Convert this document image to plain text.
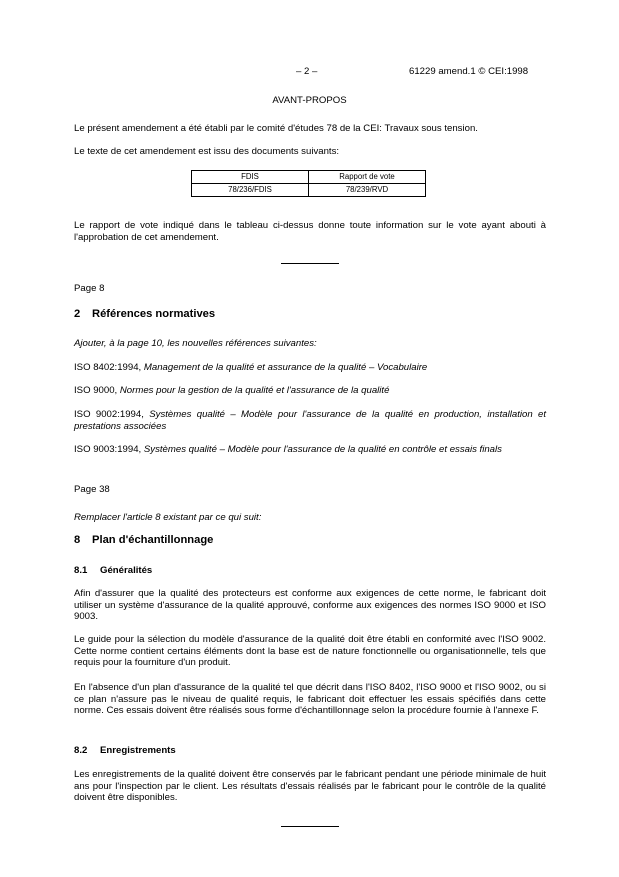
– 2 –	61229 amend.1 © CEI:1998
AVANT-PROPOS

Le présent amendement a été établi par le comité d'études 78 de la CEI: Travaux sous tension.

Le texte de cet amendement est issu des documents suivants:

FDIS	Rapport de vote
78/236/FDIS	78/239/RVD

Le rapport de vote indiqué dans le tableau ci-dessus donne toute information sur le vote ayant abouti à l'approbation de cet amendement.

Page 8
2 Références normatives

Ajouter, à la page 10, les nouvelles références suivantes:

ISO 8402:1994, Management de la qualité et assurance de la qualité – Vocabulaire

ISO 9000, Normes pour la gestion de la qualité et l'assurance de la qualité

ISO 9002:1994, Systèmes qualité – Modèle pour l'assurance de la qualité en production, installation et prestations associées

ISO 9003:1994, Systèmes qualité – Modèle pour l'assurance de la qualité en contrôle et essais finals

Page 38

Remplacer l'article 8 existant par ce qui suit:

8 Plan d'échantillonnage
8.1 Généralités

Afin d'assurer que la qualité des protecteurs est conforme aux exigences de cette norme, le fabricant doit utiliser un système d'assurance de la qualité approuvé, conforme aux exigences des normes ISO 9000 et ISO 9003.

Le guide pour la sélection du modèle d'assurance de la qualité doit être établi en conformité avec l'ISO 9002. Cette norme contient certains éléments dont la base est de nature fonctionnelle ou organisationnelle, tels que requis pour la fourniture d'un produit.

En l'absence d'un plan d'assurance de la qualité tel que décrit dans l'ISO 8402, l'ISO 9000 et l'ISO 9002, ou si ce plan n'assure pas le niveau de qualité requis, le fabricant doit effectuer les essais spécifiés dans cette norme. Ces essais doivent être réalisés sous forme d'échantillonnage selon la procédure fournie à l'annexe F.

8.2 Enregistrements

Les enregistrements de la qualité doivent être conservés par le fabricant pendant une période minimale de huit ans pour l'inspection par le client. Les résultats d'essais réalisés par le fabricant pour le contrôle de la qualité doivent être disponibles.
